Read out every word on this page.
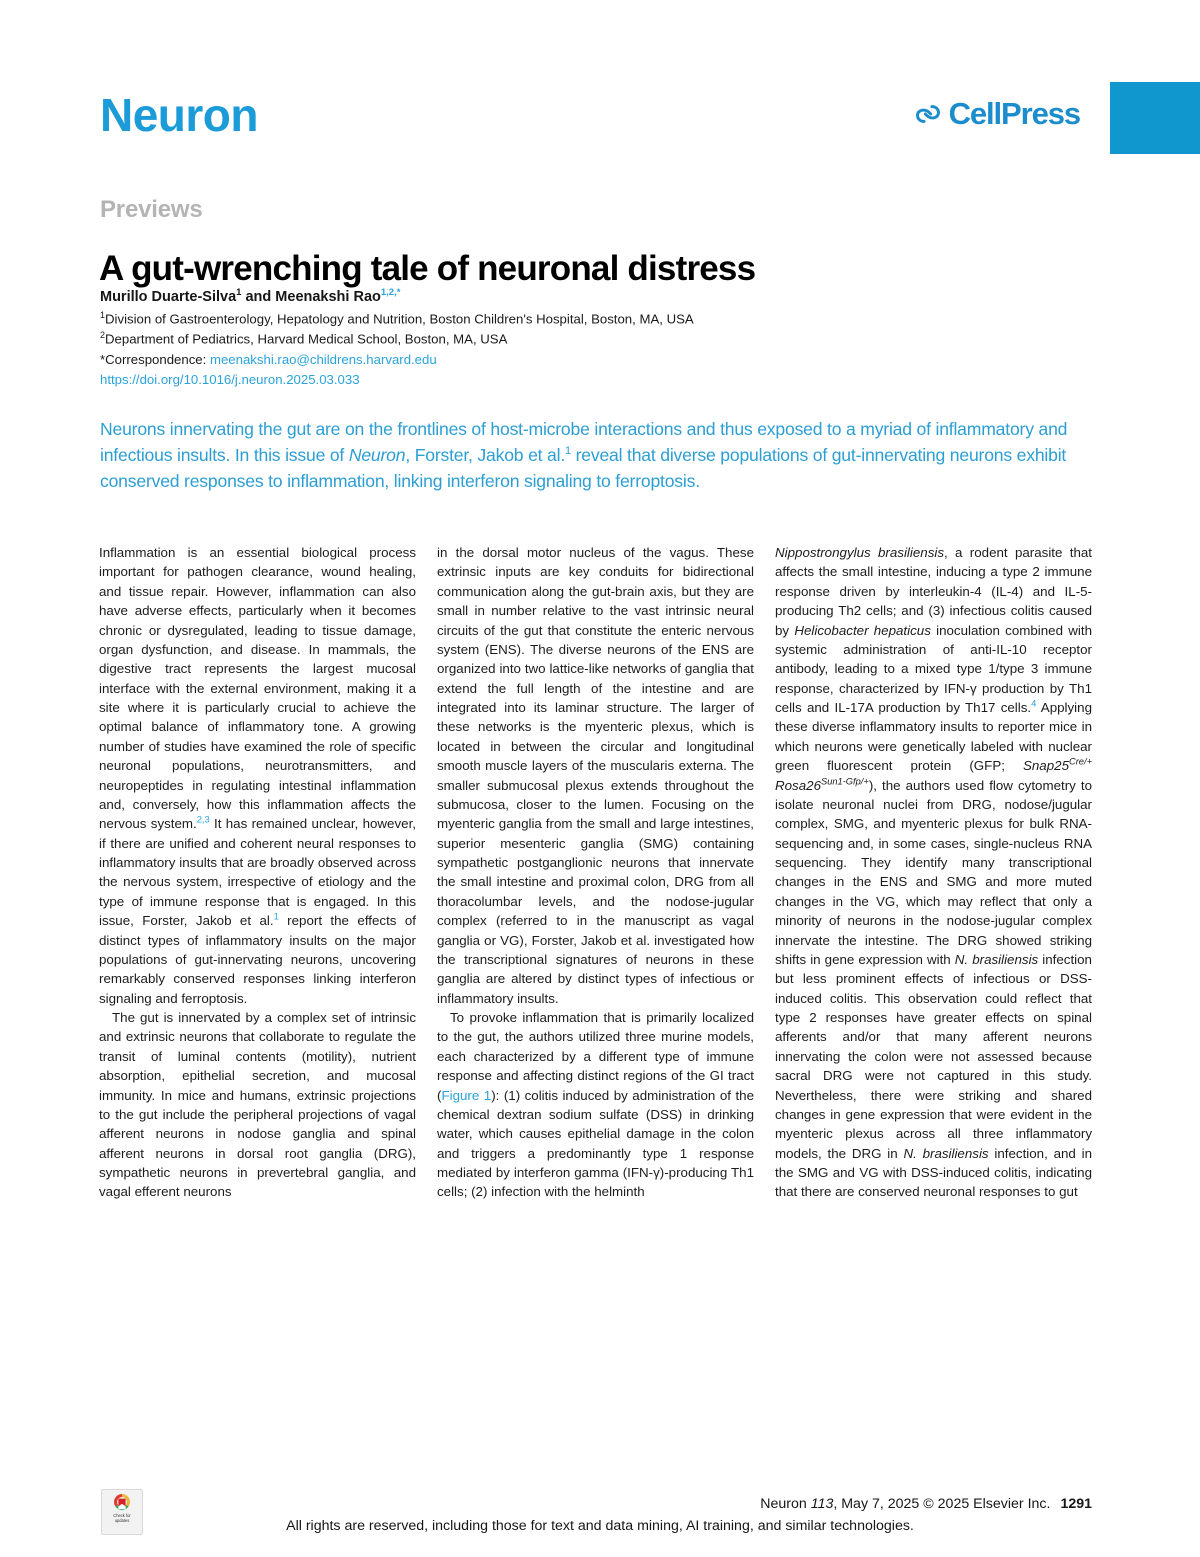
Neuron	CellPress
Previews
A gut-wrenching tale of neuronal distress
Murillo Duarte-Silva$^1$ and Meenakshi Rao$^{1,2,*}$
$^1$Division of Gastroenterology, Hepatology and Nutrition, Boston Children's Hospital, Boston, MA, USA
$^2$Department of Pediatrics, Harvard Medical School, Boston, MA, USA
*Correspondence: meenakshi.rao@childrens.harvard.edu
https://doi.org/10.1016/j.neuron.2025.03.033
Neurons innervating the gut are on the frontlines of host-microbe interactions and thus exposed to a myriad of inflammatory and infectious insults. In this issue of Neuron, Forster, Jakob et al.$^1$ reveal that diverse populations of gut-innervating neurons exhibit conserved responses to inflammation, linking interferon signaling to ferroptosis.

Inflammation is an essential biological process important for pathogen clearance, wound healing, and tissue repair. However, inflammation can also have adverse effects, particularly when it becomes chronic or dysregulated, leading to tissue damage, organ dysfunction, and disease. In mammals, the digestive tract represents the largest mucosal interface with the external environment, making it a site where it is particularly crucial to achieve the optimal balance of inflammatory tone. A growing number of studies have examined the role of specific neuronal populations, neurotransmitters, and neuropeptides in regulating intestinal inflammation and, conversely, how this inflammation affects the nervous system.$^{2,3}$ It has remained unclear, however, if there are unified and coherent neural responses to inflammatory insults that are broadly observed across the nervous system, irrespective of etiology and the type of immune response that is engaged. In this issue, Forster, Jakob et al.$^1$ report the effects of distinct types of inflammatory insults on the major populations of gut-innervating neurons, uncovering remarkably conserved responses linking interferon signaling and ferroptosis.

The gut is innervated by a complex set of intrinsic and extrinsic neurons that collaborate to regulate the transit of luminal contents (motility), nutrient absorption, epithelial secretion, and mucosal immunity. In mice and humans, extrinsic projections to the gut include the peripheral projections of vagal afferent neurons in nodose ganglia and spinal afferent neurons in dorsal root ganglia (DRG), sympathetic neurons in prevertebral ganglia, and vagal efferent neurons

in the dorsal motor nucleus of the vagus. These extrinsic inputs are key conduits for bidirectional communication along the gut-brain axis, but they are small in number relative to the vast intrinsic neural circuits of the gut that constitute the enteric nervous system (ENS). The diverse neurons of the ENS are organized into two lattice-like networks of ganglia that extend the full length of the intestine and are integrated into its laminar structure. The larger of these networks is the myenteric plexus, which is located in between the circular and longitudinal smooth muscle layers of the muscularis externa. The smaller submucosal plexus extends throughout the submucosa, closer to the lumen. Focusing on the myenteric ganglia from the small and large intestines, superior mesenteric ganglia (SMG) containing sympathetic postganglionic neurons that innervate the small intestine and proximal colon, DRG from all thoracolumbar levels, and the nodose-jugular complex (referred to in the manuscript as vagal ganglia or VG), Forster, Jakob et al. investigated how the transcriptional signatures of neurons in these ganglia are altered by distinct types of infectious or inflammatory insults.

To provoke inflammation that is primarily localized to the gut, the authors utilized three murine models, each characterized by a different type of immune response and affecting distinct regions of the GI tract (Figure 1): (1) colitis induced by administration of the chemical dextran sodium sulfate (DSS) in drinking water, which causes epithelial damage in the colon and triggers a predominantly type 1 response mediated by interferon gamma (IFN-γ)-producing Th1 cells; (2) infection with the helminth

Nippostrongylus brasiliensis, a rodent parasite that affects the small intestine, inducing a type 2 immune response driven by interleukin-4 (IL-4) and IL-5-producing Th2 cells; and (3) infectious colitis caused by Helicobacter hepaticus inoculation combined with systemic administration of anti-IL-10 receptor antibody, leading to a mixed type 1/type 3 immune response, characterized by IFN-γ production by Th1 cells and IL-17A production by Th17 cells.$^4$ Applying these diverse inflammatory insults to reporter mice in which neurons were genetically labeled with nuclear green fluorescent protein (GFP; $Snap25^{Cre/+}$ $Rosa26^{Sun1-Gfp/+}$), the authors used flow cytometry to isolate neuronal nuclei from DRG, nodose/jugular complex, SMG, and myenteric plexus for bulk RNA-sequencing and, in some cases, single-nucleus RNA sequencing. They identify many transcriptional changes in the ENS and SMG and more muted changes in the VG, which may reflect that only a minority of neurons in the nodose-jugular complex innervate the intestine. The DRG showed striking shifts in gene expression with N. brasiliensis infection but less prominent effects of infectious or DSS-induced colitis. This observation could reflect that type 2 responses have greater effects on spinal afferents and/or that many afferent neurons innervating the colon were not assessed because sacral DRG were not captured in this study. Nevertheless, there were striking and shared changes in gene expression that were evident in the myenteric plexus across all three inflammatory models, the DRG in N. brasiliensis infection, and in the SMG and VG with DSS-induced colitis, indicating that there are conserved neuronal responses to gut

Check for
updates
Neuron 113, May 7, 2025 © 2025 Elsevier Inc. 1291
All rights are reserved, including those for text and data mining, AI training, and similar technologies.
